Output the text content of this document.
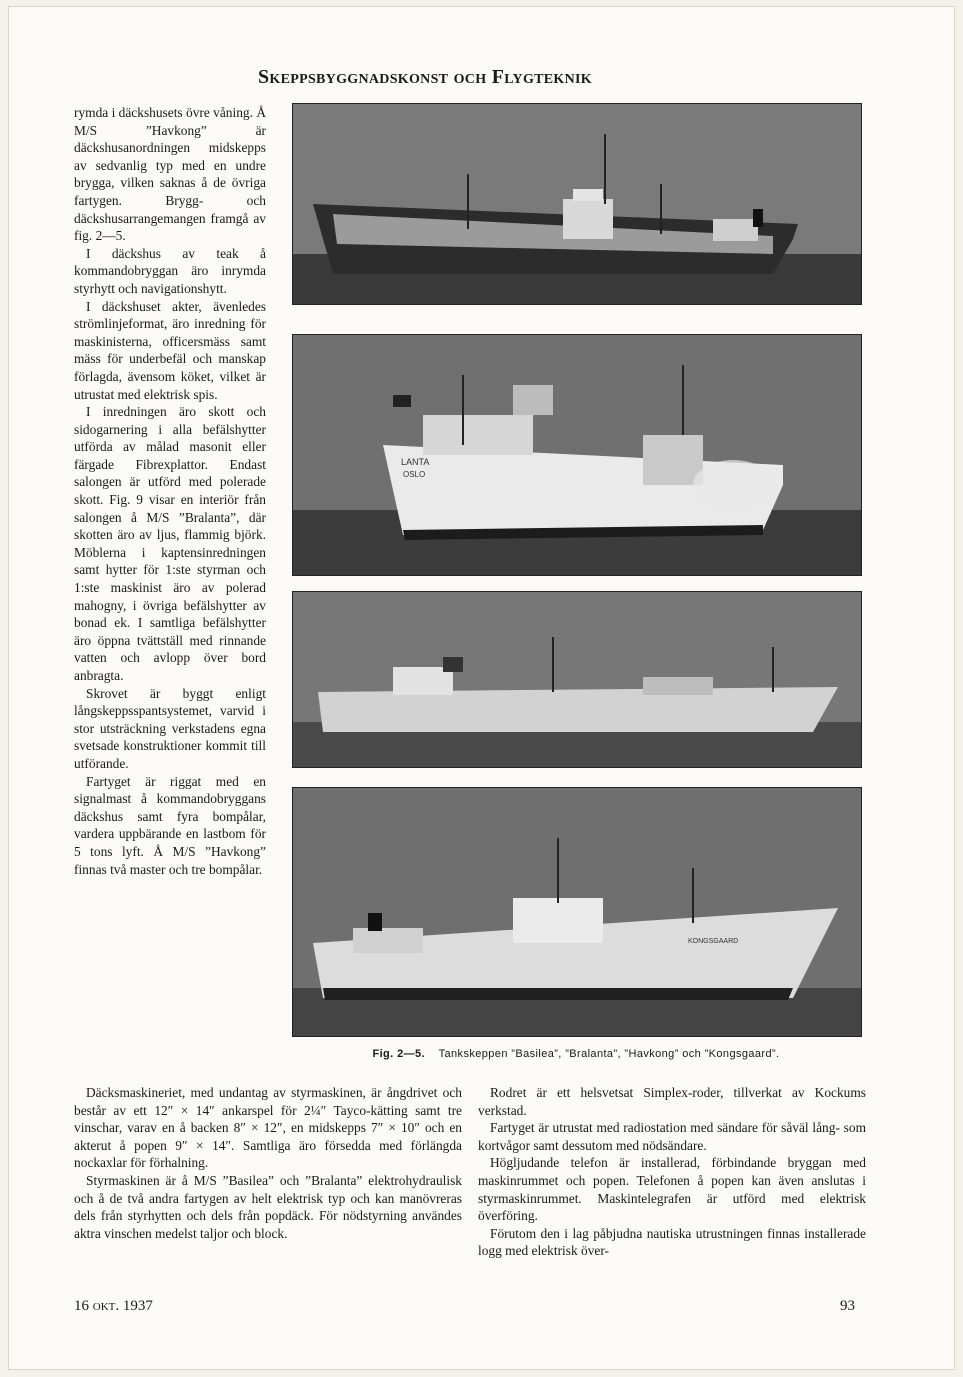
Skeppsbyggnadskonst och Flygteknik

rymda i däckshusets övre våning. Å M/S ”Havkong” är däckshusanordningen midskepps av sedvanlig typ med en undre brygga, vilken saknas å de övriga fartygen. Brygg- och däckshusarrangemangen framgå av fig. 2—5.

I däckshus av teak å kommandobryggan äro inrymda styrhytt och navigationshytt.

I däckshuset akter, ävenledes strömlinjeformat, äro inredning för maskinisterna, officersmäss samt mäss för underbefäl och manskap förlagda, ävensom köket, vilket är utrustat med elektrisk spis.

I inredningen äro skott och sidogarnering i alla befälshytter utförda av målad masonit eller färgade Fibrexplattor. Endast salongen är utförd med polerade skott. Fig. 9 visar en interiör från salongen å M/S ”Bralanta”, där skotten äro av ljus, flammig björk. Möblerna i kaptensinredningen samt hytter för 1:ste styrman och 1:ste maskinist äro av polerad mahogny, i övriga befälshytter av bonad ek. I samtliga befälshytter äro öppna tvättställ med rinnande vatten och avlopp över bord anbragta.

Skrovet är byggt enligt långskeppsspantsystemet, varvid i stor utsträckning verkstadens egna svetsade konstruktioner kommit till utförande.

Fartyget är riggat med en signalmast å kommandobryggans däckshus samt fyra bompålar, vardera uppbärande en lastbom för 5 tons lyft. Å M/S ”Havkong” finnas två master och tre bompålar.

LANTA
OSLO
KONGSGAARD
Fig. 2—5. Tankskeppen ”Basilea”, ”Bralanta”, ”Havkong” och ”Kongsgaard”.

Däcksmaskineriet, med undantag av styrmaskinen, är ångdrivet och består av ett 12″ × 14″ ankarspel för 2¼″ Tayco-kätting samt tre vinschar, varav en å backen 8″ × 12″, en midskepps 7″ × 10″ och en akterut å popen 9″ × 14″. Samtliga äro försedda med förlängda nockaxlar för förhalning.

Styrmaskinen är å M/S ”Basilea” och ”Bralanta” elektrohydraulisk och å de två andra fartygen av helt elektrisk typ och kan manövreras dels från styrhytten och dels från popdäck. För nödstyrning användes aktra vinschen medelst taljor och block.

Rodret är ett helsvetsat Simplex-roder, tillverkat av Kockums verkstad.

Fartyget är utrustat med radiostation med sändare för såväl lång- som kortvågor samt dessutom med nödsändare.

Högljudande telefon är installerad, förbindande bryggan med maskinrummet och popen. Telefonen å popen kan även anslutas i styrmaskinrummet. Maskintelegrafen är utförd med elektrisk överföring.

Förutom den i lag påbjudna nautiska utrustningen finnas installerade logg med elektrisk över-

16 okt. 1937	93
